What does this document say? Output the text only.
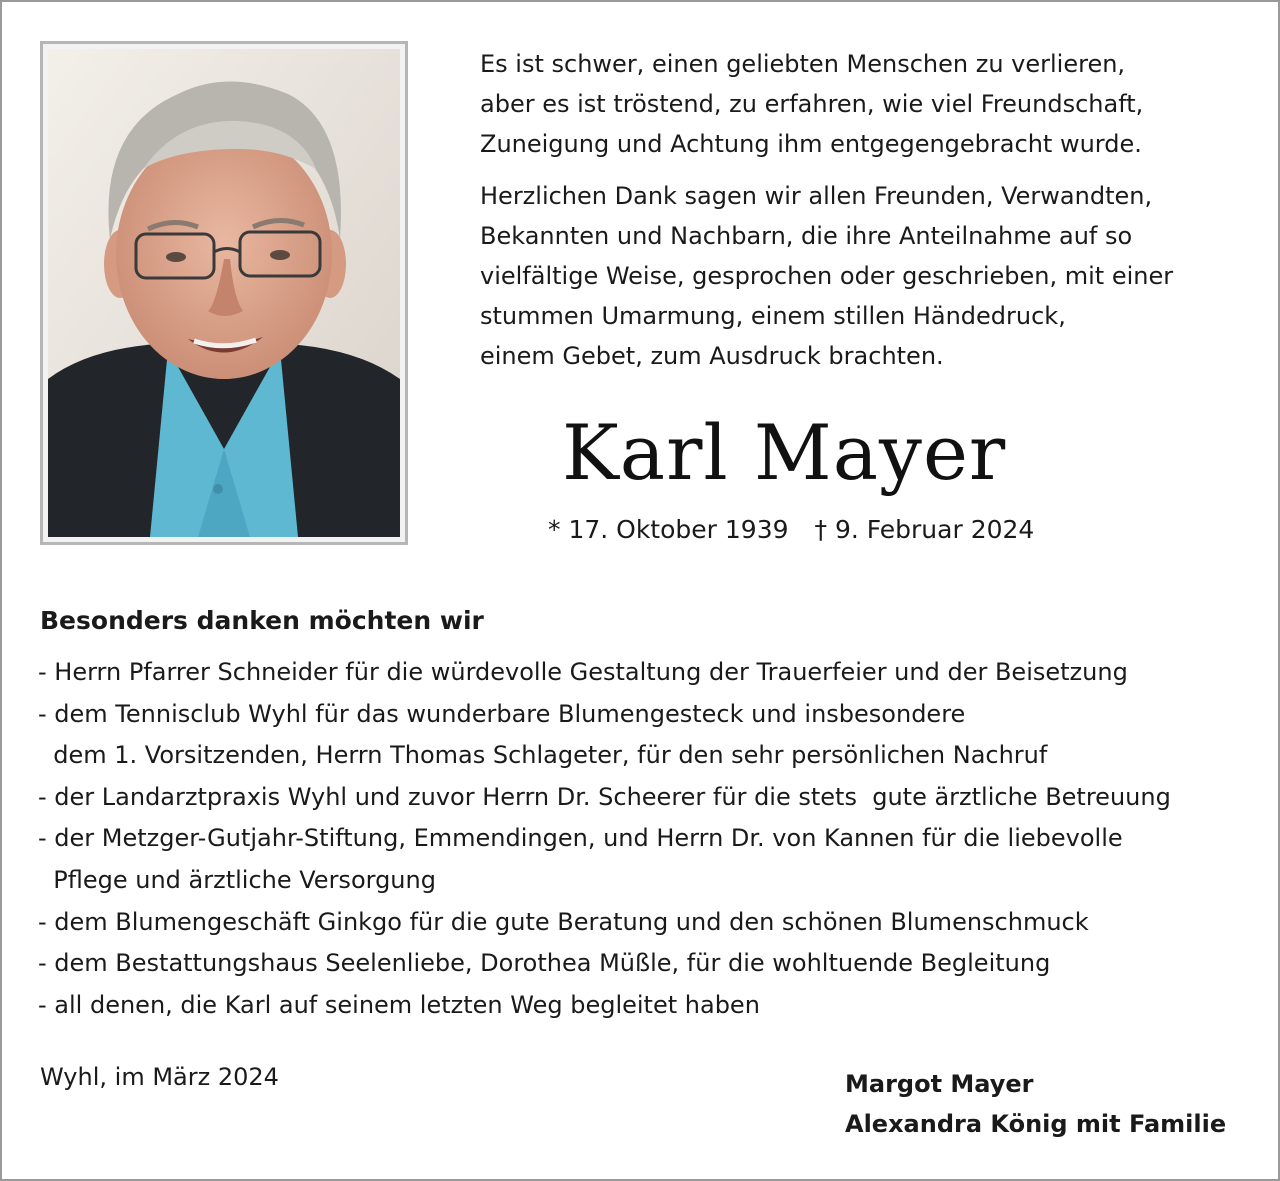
Es ist schwer, einen geliebten Menschen zu verlieren,
aber es ist tröstend, zu erfahren, wie viel Freundschaft,
Zuneigung und Achtung ihm entgegengebracht wurde.
Herzlichen Dank sagen wir allen Freunden, Verwandten,
Bekannten und Nachbarn, die ihre Anteilnahme auf so
vielfältige Weise, gesprochen oder geschrieben, mit einer
stummen Umarmung, einem stillen Händedruck,
einem Gebet, zum Ausdruck brachten.
Karl Mayer
* 17. Oktober 1939 † 9. Februar 2024
Besonders danken möchten wir
- Herrn Pfarrer Schneider für die würdevolle Gestaltung der Trauerfeier und der Beisetzung
- dem Tennisclub Wyhl für das wunderbare Blumengesteck und insbesondere
dem 1. Vorsitzenden, Herrn Thomas Schlageter, für den sehr persönlichen Nachruf
- der Landarztpraxis Wyhl und zuvor Herrn Dr. Scheerer für die stets  gute ärztliche Betreuung
- der Metzger-Gutjahr-Stiftung, Emmendingen, und Herrn Dr. von Kannen für die liebevolle
Pflege und ärztliche Versorgung
- dem Blumengeschäft Ginkgo für die gute Beratung und den schönen Blumenschmuck
- dem Bestattungshaus Seelenliebe, Dorothea Müßle, für die wohltuende Begleitung
- all denen, die Karl auf seinem letzten Weg begleitet haben
Wyhl, im März 2024	Margot Mayer
Alexandra König mit Familie
